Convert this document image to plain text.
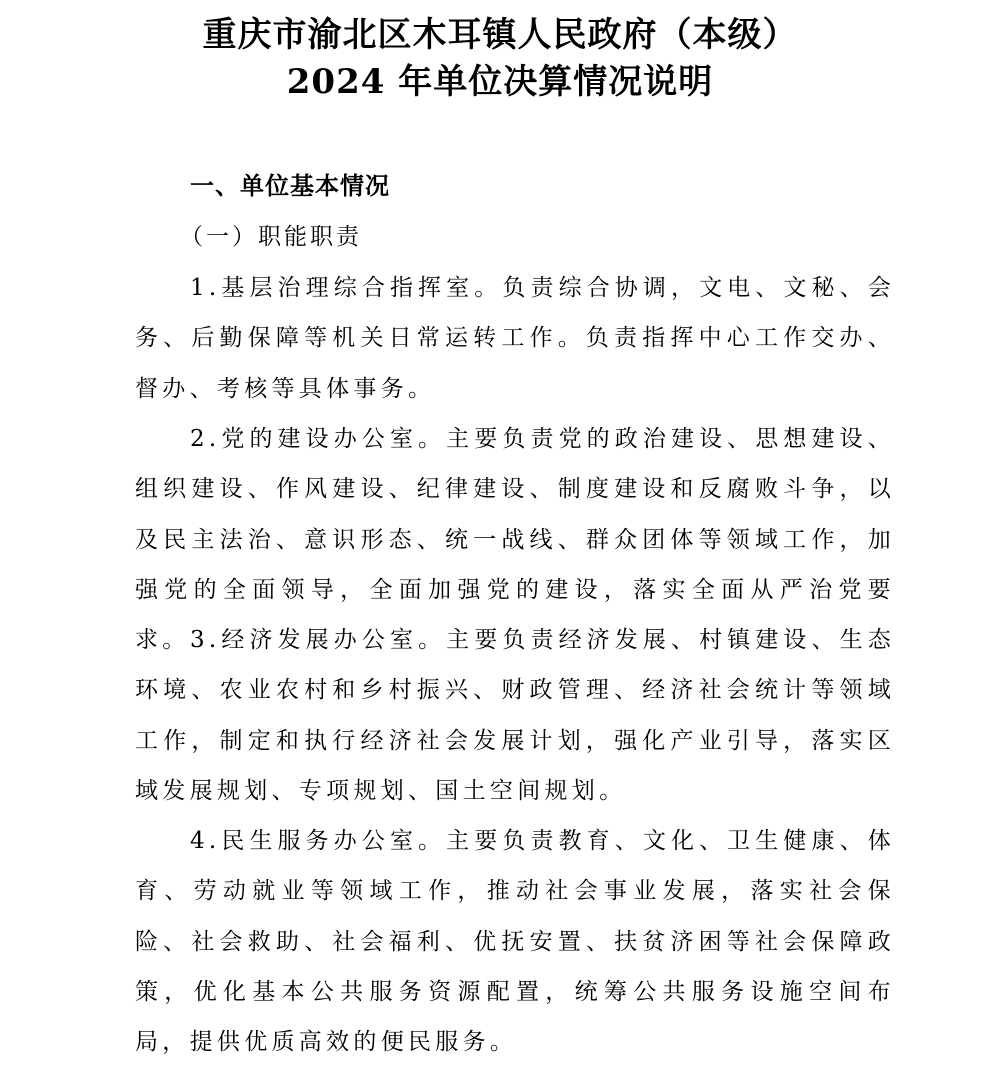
重庆市渝北区木耳镇人民政府（本级）
2024 年单位决算情况说明
一、单位基本情况
（一）职能职责

1.基层治理综合指挥室。负责综合协调，文电、文秘、会务、后勤保障等机关日常运转工作。负责指挥中心工作交办、督办、考核等具体事务。

2.党的建设办公室。主要负责党的政治建设、思想建设、组织建设、作风建设、纪律建设、制度建设和反腐败斗争，以及民主法治、意识形态、统一战线、群众团体等领域工作，加强党的全面领导，全面加强党的建设，落实全面从严治党要求。 3.经济发展办公室。主要负责经济发展、村镇建设、生态环境、农业农村和乡村振兴、财政管理、经济社会统计等领域工作，制定和执行经济社会发展计划，强化产业引导，落实区域发展规划、专项规划、国土空间规划。

4.民生服务办公室。主要负责教育、文化、卫生健康、体育、劳动就业等领域工作，推动社会事业发展，落实社会保险、社会救助、社会福利、优抚安置、扶贫济困等社会保障政策，优化基本公共服务资源配置，统筹公共服务设施空间布局，提供优质高效的便民服务。
